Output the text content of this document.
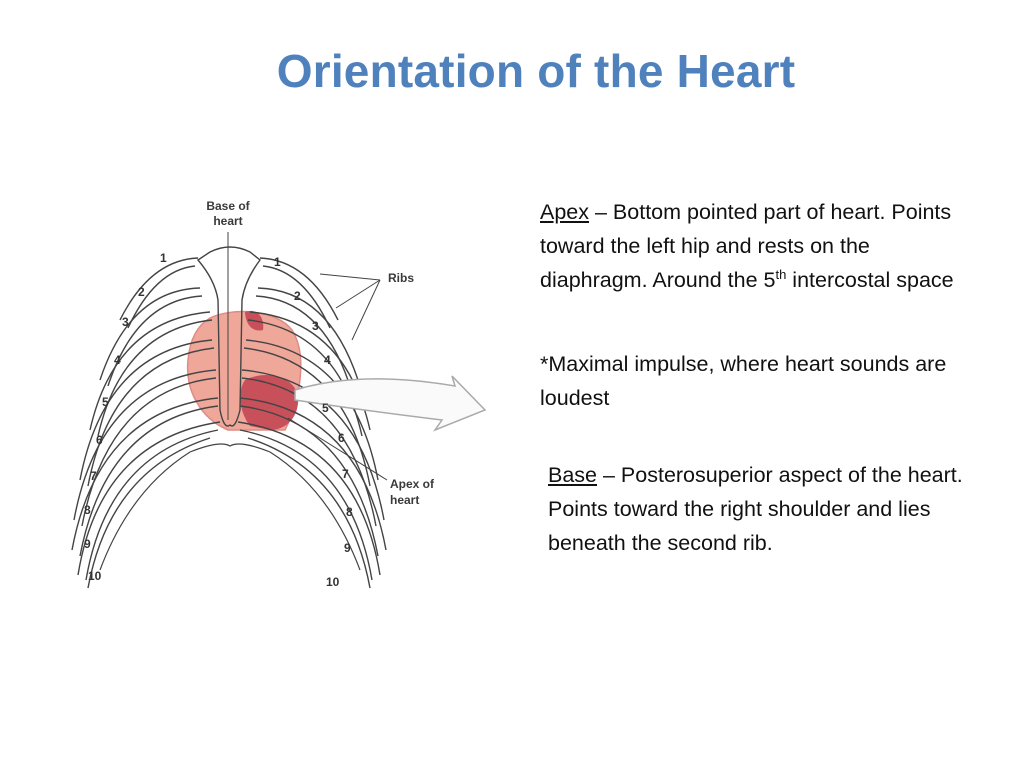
Orientation of the Heart
Base of
heart
Ribs
Apex of
heart
1
2
3
4
5
6
7
8
9
10
1
2
3
4
5
6
7
8
9
10

Apex – Bottom pointed part of heart. Points toward the left hip and rests on the diaphragm. Around the 5th intercostal space

*Maximal impulse, where heart sounds are loudest

Base – Posterosuperior aspect of the heart. Points toward the right shoulder and lies beneath the second rib.
